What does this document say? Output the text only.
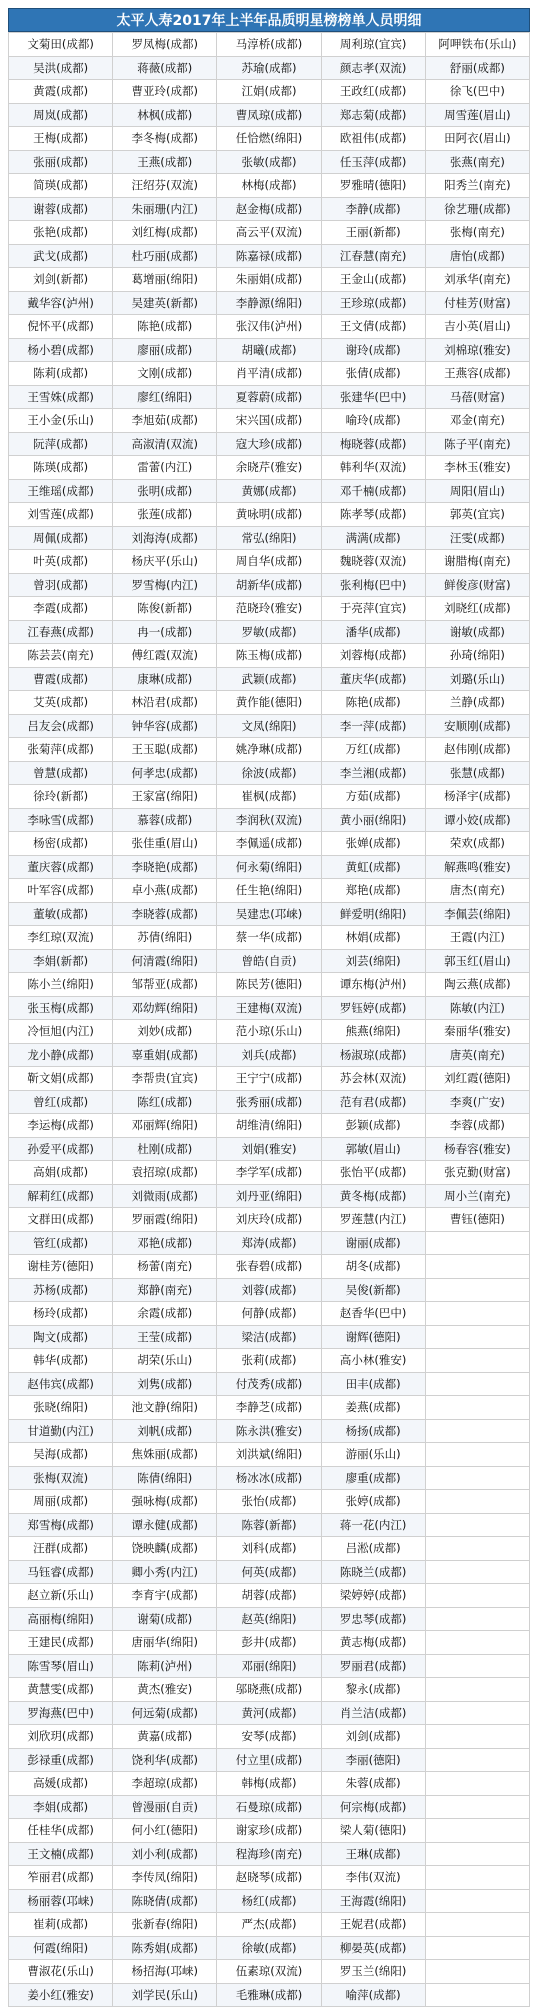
太平人寿2017年上半年品质明星榜榜单人员明细
文菊田(成都)	罗凤梅(成都)	马淳桥(成都)	周利琼(宜宾)	阿呷铁布(乐山)
吴洪(成都)	蒋薇(成都)	苏瑜(成都)	颜志孝(双流)	舒丽(成都)
黄霞(成都)	曹亚玲(成都)	江娟(成都)	王政红(成都)	徐飞(巴中)
周岚(成都)	林枫(成都)	曹凤琼(成都)	郑志菊(成都)	周雪莲(眉山)
王梅(成都)	李冬梅(成都)	任恰燃(绵阳)	欧祖伟(成都)	田阿衣(眉山)
张丽(成都)	王燕(成都)	张敏(成都)	任玉萍(成都)	张燕(南充)
简瑛(成都)	汪绍芬(双流)	林梅(成都)	罗雅晴(德阳)	阳秀兰(南充)
谢蓉(成都)	朱丽珊(内江)	赵金梅(成都)	李静(成都)	徐艺珊(成都)
张艳(成都)	刘红梅(成都)	高云平(双流)	王丽(新都)	张梅(南充)
武戈(成都)	杜巧丽(成都)	陈嘉禄(成都)	江春慧(南充)	唐怡(成都)
刘剑(新都)	葛增丽(绵阳)	朱丽娟(成都)	王金山(成都)	刘承华(南充)
戴华容(泸州)	吴建英(新都)	李静源(绵阳)	王珍琼(成都)	付桂芳(财富)
倪怀平(成都)	陈艳(成都)	张汉伟(泸州)	王文倩(成都)	吉小英(眉山)
杨小碧(成都)	廖丽(成都)	胡曦(成都)	谢玲(成都)	刘棉琼(雅安)
陈莉(成都)	文刚(成都)	肖平清(成都)	张倩(成都)	王燕容(成都)
王雪姝(成都)	廖红(绵阳)	夏蓉蔚(成都)	张建华(巴中)	马蓓(财富)
王小金(乐山)	李旭茹(成都)	宋兴国(成都)	喻玲(成都)	邓金(南充)
阮萍(成都)	高淑清(双流)	寇大珍(成都)	梅晓蓉(成都)	陈子平(南充)
陈瑛(成都)	雷蕾(内江)	余晓芹(雅安)	韩利华(双流)	李林玉(雅安)
王维瑶(成都)	张明(成都)	黄娜(成都)	邓千楠(成都)	周阳(眉山)
刘雪莲(成都)	张莲(成都)	黄咏明(成都)	陈孝琴(成都)	郭英(宜宾)
周佩(成都)	刘海涛(成都)	常弘(绵阳)	满满(成都)	汪雯(成都)
叶英(成都)	杨庆平(乐山)	周自华(成都)	魏晓蓉(双流)	谢腊梅(南充)
曾羽(成都)	罗雪梅(内江)	胡新华(成都)	张利梅(巴中)	鲜俊彦(财富)
李霞(成都)	陈俊(新都)	范晓玲(雅安)	于亮萍(宜宾)	刘晓红(成都)
江春燕(成都)	冉一(成都)	罗敏(成都)	潘华(成都)	谢敏(成都)
陈芸芸(南充)	傅红霞(双流)	陈玉梅(成都)	刘蓉梅(成都)	孙琦(绵阳)
曹霞(成都)	康琳(成都)	武颖(成都)	董庆华(成都)	刘璐(乐山)
艾英(成都)	林沿君(成都)	黄作能(德阳)	陈艳(成都)	兰静(成都)
吕友会(成都)	钟华容(成都)	文凤(绵阳)	李一萍(成都)	安顺刚(成都)
张菊萍(成都)	王玉聪(成都)	姚净琳(成都)	万红(成都)	赵伟刚(成都)
曾慧(成都)	何孝忠(成都)	徐波(成都)	李兰湘(成都)	张慧(成都)
徐玲(新都)	王家富(绵阳)	崔枫(成都)	方茹(成都)	杨泽宇(成都)
李咏雪(成都)	慕蓉(成都)	李润秋(双流)	黄小丽(绵阳)	谭小姣(成都)
杨密(成都)	张佳重(眉山)	李佩遥(成都)	张婵(成都)	荣欢(成都)
董庆蓉(成都)	李晓艳(成都)	何永菊(绵阳)	黄虹(成都)	解燕鸣(雅安)
叶军容(成都)	卓小燕(成都)	任生艳(绵阳)	郑艳(成都)	唐杰(南充)
董敏(成都)	李晓蓉(成都)	吴建忠(邛崃)	鲜爱明(绵阳)	李佩芸(绵阳)
李红琼(双流)	苏倩(绵阳)	蔡一华(成都)	林娟(成都)	王霞(内江)
李娟(新都)	何清霞(绵阳)	曾皓(自贡)	刘芸(绵阳)	郭玉红(眉山)
陈小兰(绵阳)	邹帮亚(成都)	陈民芳(德阳)	谭东梅(泸州)	陶云燕(成都)
张玉梅(成都)	邓幼辉(绵阳)	王建梅(双流)	罗钰婷(成都)	陈敏(内江)
冷恒旭(内江)	刘妙(成都)	范小琼(乐山)	熊燕(绵阳)	秦丽华(雅安)
龙小静(成都)	辜重娟(成都)	刘兵(成都)	杨淑琼(成都)	唐英(南充)
靳文娟(成都)	李帮贵(宜宾)	王宁宁(成都)	苏会林(双流)	刘红霞(德阳)
曾红(成都)	陈红(成都)	张秀丽(成都)	范有君(成都)	李爽(广安)
李运梅(成都)	邓丽辉(绵阳)	胡维清(绵阳)	彭颖(成都)	李蓉(成都)
孙爱平(成都)	杜刚(成都)	刘娟(雅安)	郭敏(眉山)	杨春容(雅安)
高娟(成都)	袁招琼(成都)	李学军(成都)	张怡平(成都)	张克勤(财富)
解莉红(成都)	刘微雨(成都)	刘丹亚(绵阳)	黄冬梅(成都)	周小兰(南充)
文群田(成都)	罗丽霞(绵阳)	刘庆玲(成都)	罗莲慧(内江)	曹钰(德阳)
管红(成都)	邓艳(成都)	郑涛(成都)	谢丽(成都)	
谢桂芳(德阳)	杨蕾(南充)	张春碧(成都)	胡冬(成都)	
苏杨(成都)	郑静(南充)	刘蓉(成都)	吴俊(新都)	
杨玲(成都)	余霞(成都)	何静(成都)	赵香华(巴中)	
陶文(成都)	王莹(成都)	梁洁(成都)	谢辉(德阳)	
韩华(成都)	胡荣(乐山)	张莉(成都)	高小林(雅安)	
赵伟宾(成都)	刘隽(成都)	付茂秀(成都)	田丰(成都)	
张晓(绵阳)	池文静(绵阳)	李静芝(成都)	姜燕(成都)	
甘道勤(内江)	刘帆(成都)	陈永洪(雅安)	杨扬(成都)	
吴海(成都)	焦姝丽(成都)	刘洪斌(绵阳)	游丽(乐山)	
张梅(双流)	陈倩(绵阳)	杨冰冰(成都)	廖重(成都)	
周丽(成都)	强咏梅(成都)	张怡(成都)	张婷(成都)	
郑雪梅(成都)	谭永健(成都)	陈蓉(新都)	蒋一花(内江)	
汪群(成都)	饶映麟(成都)	刘科(成都)	吕淞(成都)	
马钰睿(成都)	卿小秀(内江)	何英(成都)	陈晓兰(成都)	
赵立新(乐山)	李育宇(成都)	胡蓉(成都)	梁婷婷(成都)	
高丽梅(绵阳)	谢菊(成都)	赵英(绵阳)	罗忠琴(成都)	
王建民(成都)	唐丽华(绵阳)	彭井(成都)	黄志梅(成都)	
陈雪琴(眉山)	陈莉(泸州)	邓丽(绵阳)	罗丽君(成都)	
黄慧雯(成都)	黄杰(雅安)	邬晓燕(成都)	黎永(成都)	
罗海燕(巴中)	何远菊(成都)	黄河(成都)	肖兰洁(成都)	
刘欣玥(成都)	黄嘉(成都)	安琴(成都)	刘剑(成都)	
彭禄重(成都)	饶利华(成都)	付立里(成都)	李丽(德阳)	
高媛(成都)	李超琼(成都)	韩梅(成都)	朱蓉(成都)	
李娟(成都)	曾漫丽(自贡)	石曼琼(成都)	何宗梅(成都)	
任桂华(成都)	何小红(德阳)	谢家珍(成都)	梁人菊(德阳)	
王文楠(成都)	刘小利(成都)	程海珍(南充)	王琳(成都)	
笮丽君(成都)	李传凤(绵阳)	赵晓琴(成都)	李伟(双流)	
杨丽蓉(邛崃)	陈晓倩(成都)	杨红(成都)	王海霞(绵阳)	
崔莉(成都)	张新春(绵阳)	严杰(成都)	王妮君(成都)	
何霞(绵阳)	陈秀娟(成都)	徐敏(成都)	柳晏英(成都)	
曹淑花(乐山)	杨招海(邛崃)	伍素琼(双流)	罗玉兰(绵阳)	
姜小红(雅安)	刘学民(乐山)	毛雅琳(成都)	喻萍(成都)	
